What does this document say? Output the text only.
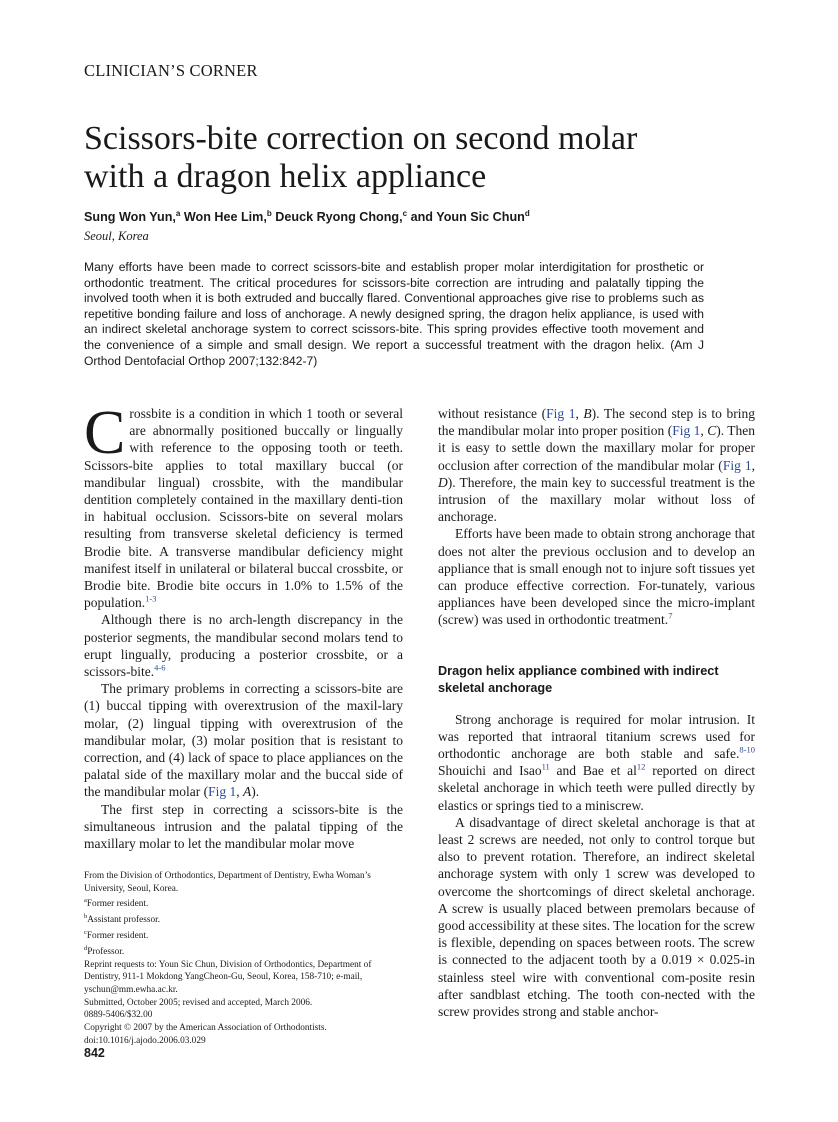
CLINICIAN’S CORNER
Scissors-bite correction on second molar
with a dragon helix appliance
Sung Won Yun,$^a$ Won Hee Lim,$^b$ Deuck Ryong Chong,$^c$ and Youn Sic Chun$^d$
Seoul, Korea

Many efforts have been made to correct scissors-bite and establish proper molar interdigitation for prosthetic or orthodontic treatment. The critical procedures for scissors-bite correction are intruding and palatally tipping the involved tooth when it is both extruded and buccally flared. Conventional approaches give rise to problems such as repetitive bonding failure and loss of anchorage. A newly designed spring, the dragon helix appliance, is used with an indirect skeletal anchorage system to correct scissors-bite. This spring provides effective tooth movement and the convenience of a simple and small design. We report a successful treatment with the dragon helix. (Am J Orthod Dentofacial Orthop 2007;132:842-7)

Crossbite is a condition in which 1 tooth or several are abnormally positioned buccally or lingually with reference to the opposing tooth or teeth. Scissors-bite applies to total maxillary buccal (or mandibular lingual) crossbite, with the mandibular dentition completely contained in the maxillary denti-tion in habitual occlusion. Scissors-bite on several molars resulting from transverse skeletal deficiency is termed Brodie bite. A transverse mandibular deficiency might manifest itself in unilateral or bilateral buccal crossbite, or Brodie bite. Brodie bite occurs in 1.0% to 1.5% of the population.$^{1-3}$

Although there is no arch-length discrepancy in the posterior segments, the mandibular second molars tend to erupt lingually, producing a posterior crossbite, or a scissors-bite.$^{4-6}$

The primary problems in correcting a scissors-bite are (1) buccal tipping with overextrusion of the maxil-lary molar, (2) lingual tipping with overextrusion of the mandibular molar, (3) molar position that is resistant to correction, and (4) lack of space to place appliances on the palatal side of the maxillary molar and the buccal side of the mandibular molar (Fig 1, A).

The first step in correcting a scissors-bite is the simultaneous intrusion and the palatal tipping of the maxillary molar to let the mandibular molar move

without resistance (Fig 1, B). The second step is to bring the mandibular molar into proper position (Fig 1, C). Then it is easy to settle down the maxillary molar for proper occlusion after correction of the mandibular molar (Fig 1, D). Therefore, the main key to successful treatment is the intrusion of the maxillary molar without loss of anchorage.

Efforts have been made to obtain strong anchorage that does not alter the previous occlusion and to develop an appliance that is small enough not to injure soft tissues yet can produce effective correction. For-tunately, various appliances have been developed since the micro-implant (screw) was used in orthodontic treatment.$^7$

Dragon helix appliance combined with indirect skeletal anchorage

Strong anchorage is required for molar intrusion. It was reported that intraoral titanium screws used for orthodontic anchorage are both stable and safe.$^{8-10}$ Shouichi and Isao$^{11}$ and Bae et al$^{12}$ reported on direct skeletal anchorage in which teeth were pulled directly by elastics or springs tied to a miniscrew.

A disadvantage of direct skeletal anchorage is that at least 2 screws are needed, not only to control torque but also to prevent rotation. Therefore, an indirect skeletal anchorage system with only 1 screw was developed to overcome the shortcomings of direct skeletal anchorage. A screw is usually placed between premolars because of good accessibility at these sites. The location for the screw is flexible, depending on spaces between roots. The screw is connected to the adjacent tooth by a 0.019 × 0.025-in stainless steel wire with conventional com-posite resin after sandblast etching. The tooth con-nected with the screw provides strong and stable anchor-

From the Division of Orthodontics, Department of Dentistry, Ewha Woman’s University, Seoul, Korea.
$^a$Former resident.
$^b$Assistant professor.
$^c$Former resident.
$^d$Professor.
Reprint requests to: Youn Sic Chun, Division of Orthodontics, Department of Dentistry, 911-1 Mokdong YangCheon-Gu, Seoul, Korea, 158-710; e-mail, yschun@mm.ewha.ac.kr.
Submitted, October 2005; revised and accepted, March 2006.
0889-5406/$32.00
Copyright © 2007 by the American Association of Orthodontists.
doi:10.1016/j.ajodo.2006.03.029
842
